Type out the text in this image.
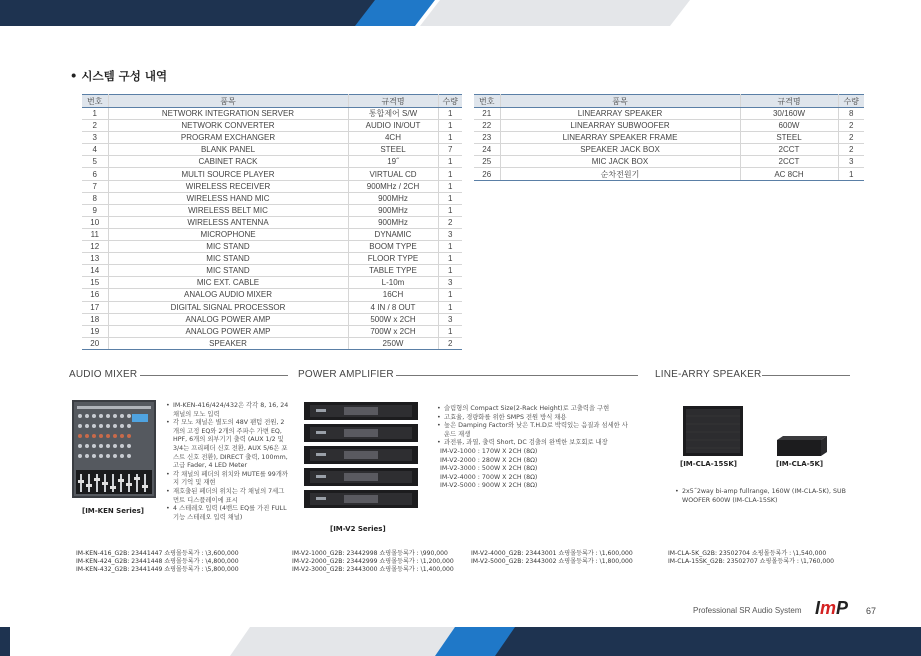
• 시스템 구성 내역
번호	품목	규격명	수량
1	NETWORK INTEGRATION SERVER	통합제어 S/W	1
2	NETWORK CONVERTER	AUDIO IN/OUT	1
3	PROGRAM EXCHANGER	4CH	1
4	BLANK PANEL	STEEL	7
5	CABINET RACK	19˝	1
6	MULTI SOURCE PLAYER	VIRTUAL CD	1
7	WIRELESS RECEIVER	900MHz / 2CH	1
8	WIRELESS HAND MIC	900MHz	1
9	WIRELESS BELT MIC	900MHz	1
10	WIRELESS ANTENNA	900MHz	2
11	MICROPHONE	DYNAMIC	3
12	MIC STAND	BOOM TYPE	1
13	MIC STAND	FLOOR TYPE	1
14	MIC STAND	TABLE TYPE	1
15	MIC EXT. CABLE	L-10m	3
16	ANALOG AUDIO MIXER	16CH	1
17	DIGITAL SIGNAL PROCESSOR	4 IN / 8 OUT	1
18	ANALOG POWER AMP	500W x 2CH	3
19	ANALOG POWER AMP	700W x 2CH	1
20	SPEAKER	250W	2
번호	품목	규격명	수량
21	LINEARRAY SPEAKER	30/160W	8
22	LINEARRAY SUBWOOFER	600W	2
23	LINEARRAY SPEAKER FRAME	STEEL	2
24	SPEAKER JACK BOX	2CCT	2
25	MIC JACK BOX	2CCT	3
26	순차전원기	AC 8CH	1
AUDIO MIXER	POWER AMPLIFIER	LINE-ARRY SPEAKER
• IM-KEN-416/424/432은 각각 8, 16, 24 채널의 모노 입력
• 각 모노 채널은 별도의 48V 팬텀 전원, 2개의 고정 EQ와 2개의 주파수 가변 EQ, HPF, 6개의 외부기기 출력 (AUX 1/2 및 3/4는 프리페더 신호 전환, AUX 5/6은 포스트 신호 전환), DIRECT 출력, 100mm, 고급 Fader, 4 LED Meter
• 각 채널의 페더의 위치와 MUTE를 99개까지 기억 및 재현
• 재호출된 페더의 위치는 각 채널의 7세그먼트 디스플레이에 표시
• 4 스테레오 입력 (4밴드 EQ를 가진 FULL 기능 스테레오 입력 채널)
[IM-KEN Series]
[IM-V2 Series]
• 슬림형의 Compact Size(2-Rack Height)로 고출력을 구현
• 고효율, 경량화를 위한 SMPS 전원 방식 채용
• 높은 Damping Factor와 낮은 T.H.D로 박력있는 음질과 섬세한 사운드 재생
• 과전류, 과열, 출력 Short, DC 검출의 완벽한 보호회로 내장
IM-V2-1000 : 170W X 2CH (8Ω)
IM-V2-2000 : 280W X 2CH (8Ω)
IM-V2-3000 : 500W X 2CH (8Ω)
IM-V2-4000 : 700W X 2CH (8Ω)
IM-V2-5000 : 900W X 2CH (8Ω)
[IM-CLA-15SK]	[IM-CLA-5K]
• 2x5˝2way bi-amp fullrange, 160W (IM-CLA-5K), SUB WOOFER 600W (IM-CLA-15SK)
IM-KEN-416_G2B: 23441447 쇼핑몰등록가 : \3,600,000
IM-KEN-424_G2B: 23441448 쇼핑몰등록가 : \4,800,000
IM-KEN-432_G2B: 23441449 쇼핑몰등록가 : \5,800,000
IM-V2-1000_G2B: 23442998 쇼핑몰등록가 : \990,000
IM-V2-2000_G2B: 23442999 쇼핑몰등록가 : \1,200,000
IM-V2-3000_G2B: 23443000 쇼핑몰등록가 : \1,400,000
IM-V2-4000_G2B: 23443001 쇼핑몰등록가 : \1,600,000
IM-V2-5000_G2B: 23443002 쇼핑몰등록가 : \1,800,000
IM-CLA-5K_G2B: 23502704 쇼핑몰등록가 : \1,540,000
IM-CLA-15SK_G2B: 23502707 쇼핑몰등록가 : \1,760,000
Professional SR Audio System ImP 67
